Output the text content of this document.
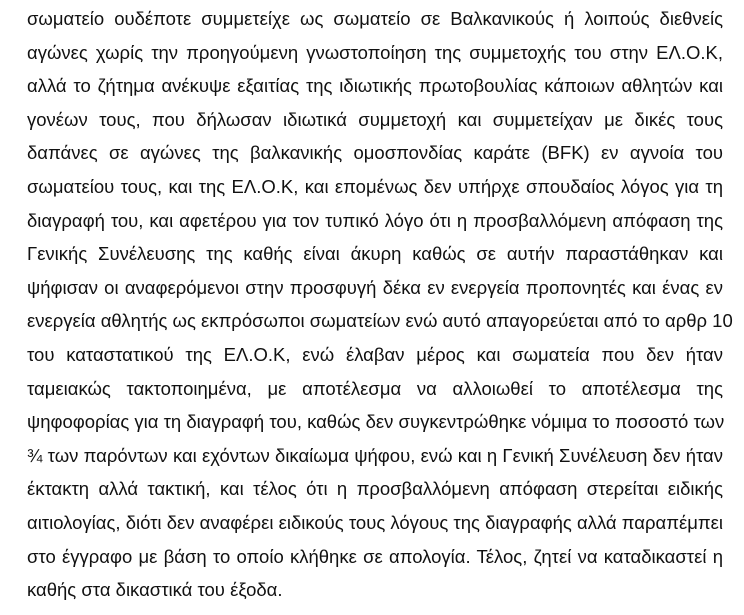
σωματείο ουδέποτε συμμετείχε ως σωματείο σε Βαλκανικούς ή λοιπούς διεθνείς
αγώνες χωρίς την προηγούμενη γνωστοποίηση της συμμετοχής του στην ΕΛ.Ο.Κ,
αλλά το ζήτημα ανέκυψε εξαιτίας της ιδιωτικής πρωτοβουλίας κάποιων αθλητών και
γονέων τους, που δήλωσαν ιδιωτικά συμμετοχή και συμμετείχαν με δικές τους
δαπάνες σε αγώνες της βαλκανικής ομοσπονδίας καράτε (BFK) εν αγνοία του
σωματείου τους, και της ΕΛ.Ο.Κ, και επομένως δεν υπήρχε σπουδαίος λόγος για τη
διαγραφή του, και αφετέρου για τον τυπικό λόγο ότι η προσβαλλόμενη απόφαση της
Γενικής Συνέλευσης της καθής είναι άκυρη καθώς σε αυτήν παραστάθηκαν και
ψήφισαν οι αναφερόμενοι στην προσφυγή δέκα εν ενεργεία προπονητές και ένας εν
ενεργεία αθλητής ως εκπρόσωποι σωματείων ενώ αυτό απαγορεύεται από το αρθρ 10
του καταστατικού της ΕΛ.Ο.Κ, ενώ έλαβαν μέρος και σωματεία που δεν ήταν
ταμειακώς τακτοποιημένα, με αποτέλεσμα να αλλοιωθεί το αποτέλεσμα της
ψηφοφορίας για τη διαγραφή του, καθώς δεν συγκεντρώθηκε νόμιμα το ποσοστό των
¾ των παρόντων και εχόντων δικαίωμα ψήφου, ενώ και η Γενική Συνέλευση δεν ήταν
έκτακτη αλλά τακτική, και τέλος ότι η προσβαλλόμενη απόφαση στερείται ειδικής
αιτιολογίας, διότι δεν αναφέρει ειδικούς τους λόγους της διαγραφής αλλά παραπέμπει
στο έγγραφο με βάση το οποίο κλήθηκε σε απολογία. Τέλος, ζητεί να καταδικαστεί η
καθής στα δικαστικά του έξοδα.
